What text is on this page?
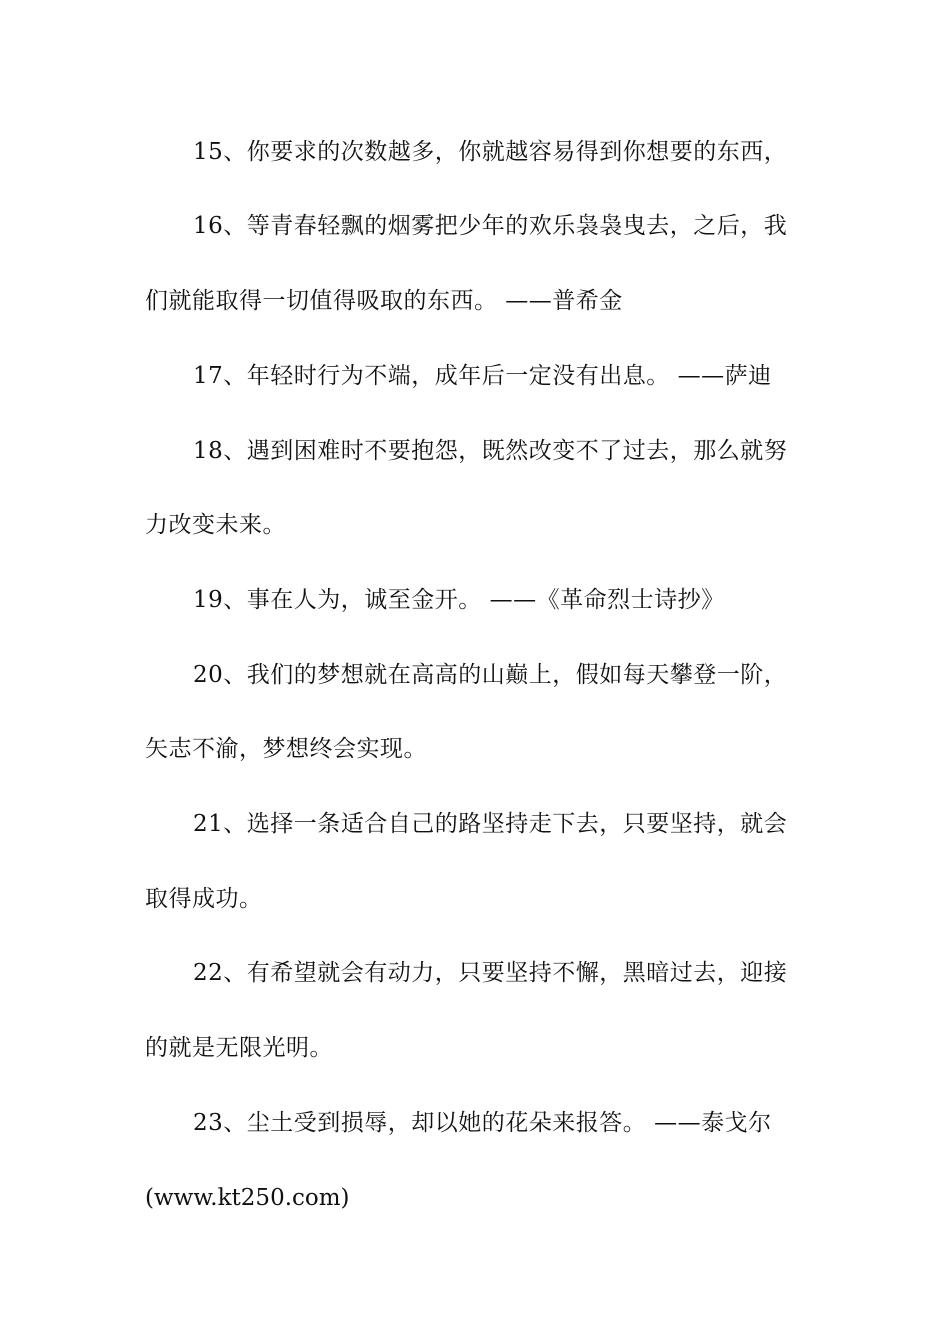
15、你要求的次数越多，你就越容易得到你想要的东西，
16、等青春轻飘的烟雾把少年的欢乐袅袅曳去，之后，我
们就能取得一切值得吸取的东西。 ——普希金
17、年轻时行为不端，成年后一定没有出息。 ——萨迪
18、遇到困难时不要抱怨，既然改变不了过去，那么就努
力改变未来。
19、事在人为，诚至金开。 ——《革命烈士诗抄》
20、我们的梦想就在高高的山巅上，假如每天攀登一阶，
矢志不渝，梦想终会实现。
21、选择一条适合自己的路坚持走下去，只要坚持，就会
取得成功。
22、有希望就会有动力，只要坚持不懈，黑暗过去，迎接
的就是无限光明。
23、尘土受到损辱，却以她的花朵来报答。 ——泰戈尔
(www.kt250.com)
